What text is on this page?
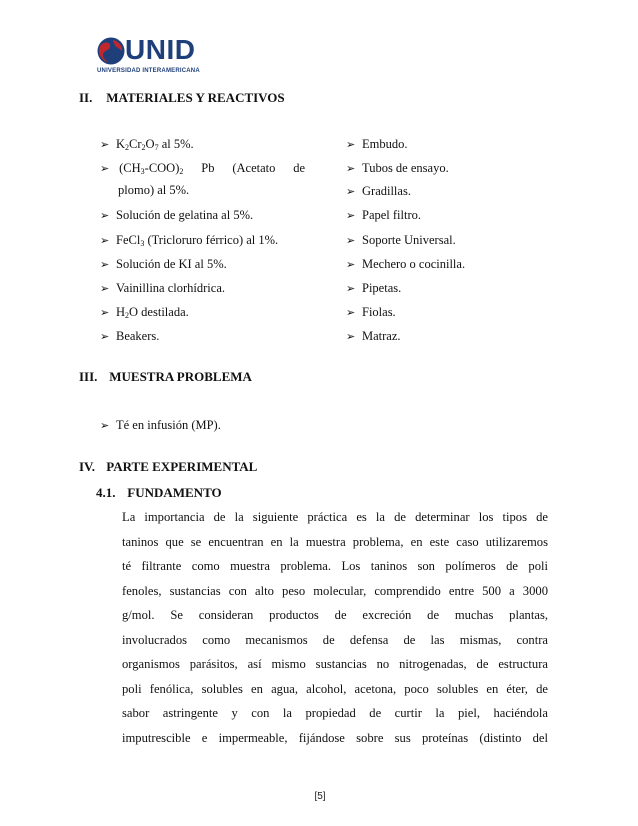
UNID
UNIVERSIDAD INTERAMERICANA
II. MATERIALES Y REACTIVOS
➢ $K_2Cr_2O_7$ al 5%.
➢ $(CH_3-COO)_2$ Pb (Acetato de
plomo) al 5%.
➢ Solución de gelatina al 5%.
➢ FeCl$_3$ (Tricloruro férrico) al 1%.
➢ Solución de KI al 5%.
➢ Vainillina clorhídrica.
➢ $H_2O$ destilada.
➢ Beakers.
➢ Embudo.
➢ Tubos de ensayo.
➢ Gradillas.
➢ Papel filtro.
➢ Soporte Universal.
➢ Mechero o cocinilla.
➢ Pipetas.
➢ Fiolas.
➢ Matraz.
III. MUESTRA PROBLEMA
➢ Té en infusión (MP).
IV. PARTE EXPERIMENTAL
4.1. FUNDAMENTO
La importancia de la siguiente práctica es la de determinar los tipos de
taninos que se encuentran en la muestra problema, en este caso utilizaremos
té filtrante como muestra problema. Los taninos son polímeros de poli
fenoles, sustancias con alto peso molecular, comprendido entre 500 a 3000
g/mol. Se consideran productos de excreción de muchas plantas,
involucrados como mecanismos de defensa de las mismas, contra
organismos parásitos, así mismo sustancias no nitrogenadas, de estructura
poli fenólica, solubles en agua, alcohol, acetona, poco solubles en éter, de
sabor astringente y con la propiedad de curtir la piel, haciéndola
imputrescible e impermeable, fijándose sobre sus proteínas (distinto del
[5]
